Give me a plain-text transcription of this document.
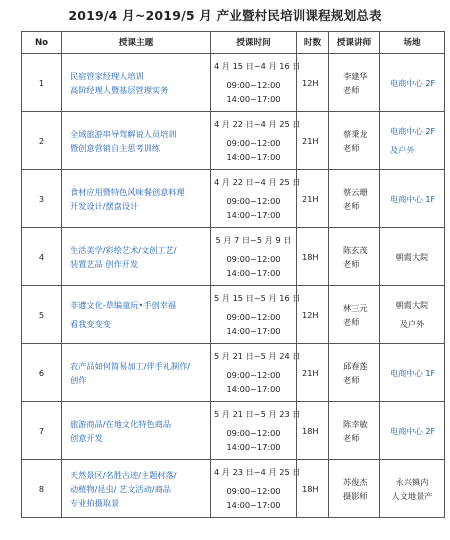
2019/4 月~2019/5 月 产业暨村民培训课程规划总表
No	授课主题	授课时间	时数	授课讲师	场地
1	民宿管家经理人培训
高阶经理人暨基层管理实务	4 月 15 日~4 月 16 日
09:00~12:00
14:00~17:00	12H	李建华
老师	电商中心 2F

2	全域旅游串导驾解说人员培训
暨创意营销自主思考训练	4 月 22 日~4 月 25 日
09:00~12:00
14:00~17:00	21H	蔡秉龙
老师	电商中心 2F
及户外

3	食材应用暨特色风味餐创意料理
开发设计/摆盘设计	4 月 22 日~4 月 25 日
09:00~12:00
14:00~17:00	21H	蔡云珊
老师	电商中心 1F

4	生活美学/彩绘艺术/文创工艺/
装置艺品 创作开发	5 月 7 日~5 月 9 日
09:00~12:00
14:00~17:00	18H	陈玄茂
老师	朝霞大院

5	非遗文化-草编童玩•手创幸福
看我变变变	5 月 15 日~5 月 16 日
09:00~12:00
14:00~17:00	12H	林三元
老师	朝霞大院
及户外

6	农产品如何简易加工/伴手礼制作/
创作	5 月 21 日~5 月 24 日
09:00~12:00
14:00~17:00	21H	邱春莲
老师	电商中心 1F

7	旅游商品/在地文化特色商品
创意开发	5 月 21 日~5 月 23 日
09:00~12:00
14:00~17:00	18H	陈幸敏
老师	电商中心 2F

8	天然景区/名胜古迹/主题村落/
动植物/昆虫/ 艺文活动/商品
专业拍摄取景	4 月 23 日~4 月 25 日
09:00~12:00
14:00~17:00	18H	苏俊杰
摄影师	永兴镇内
人文地景产
